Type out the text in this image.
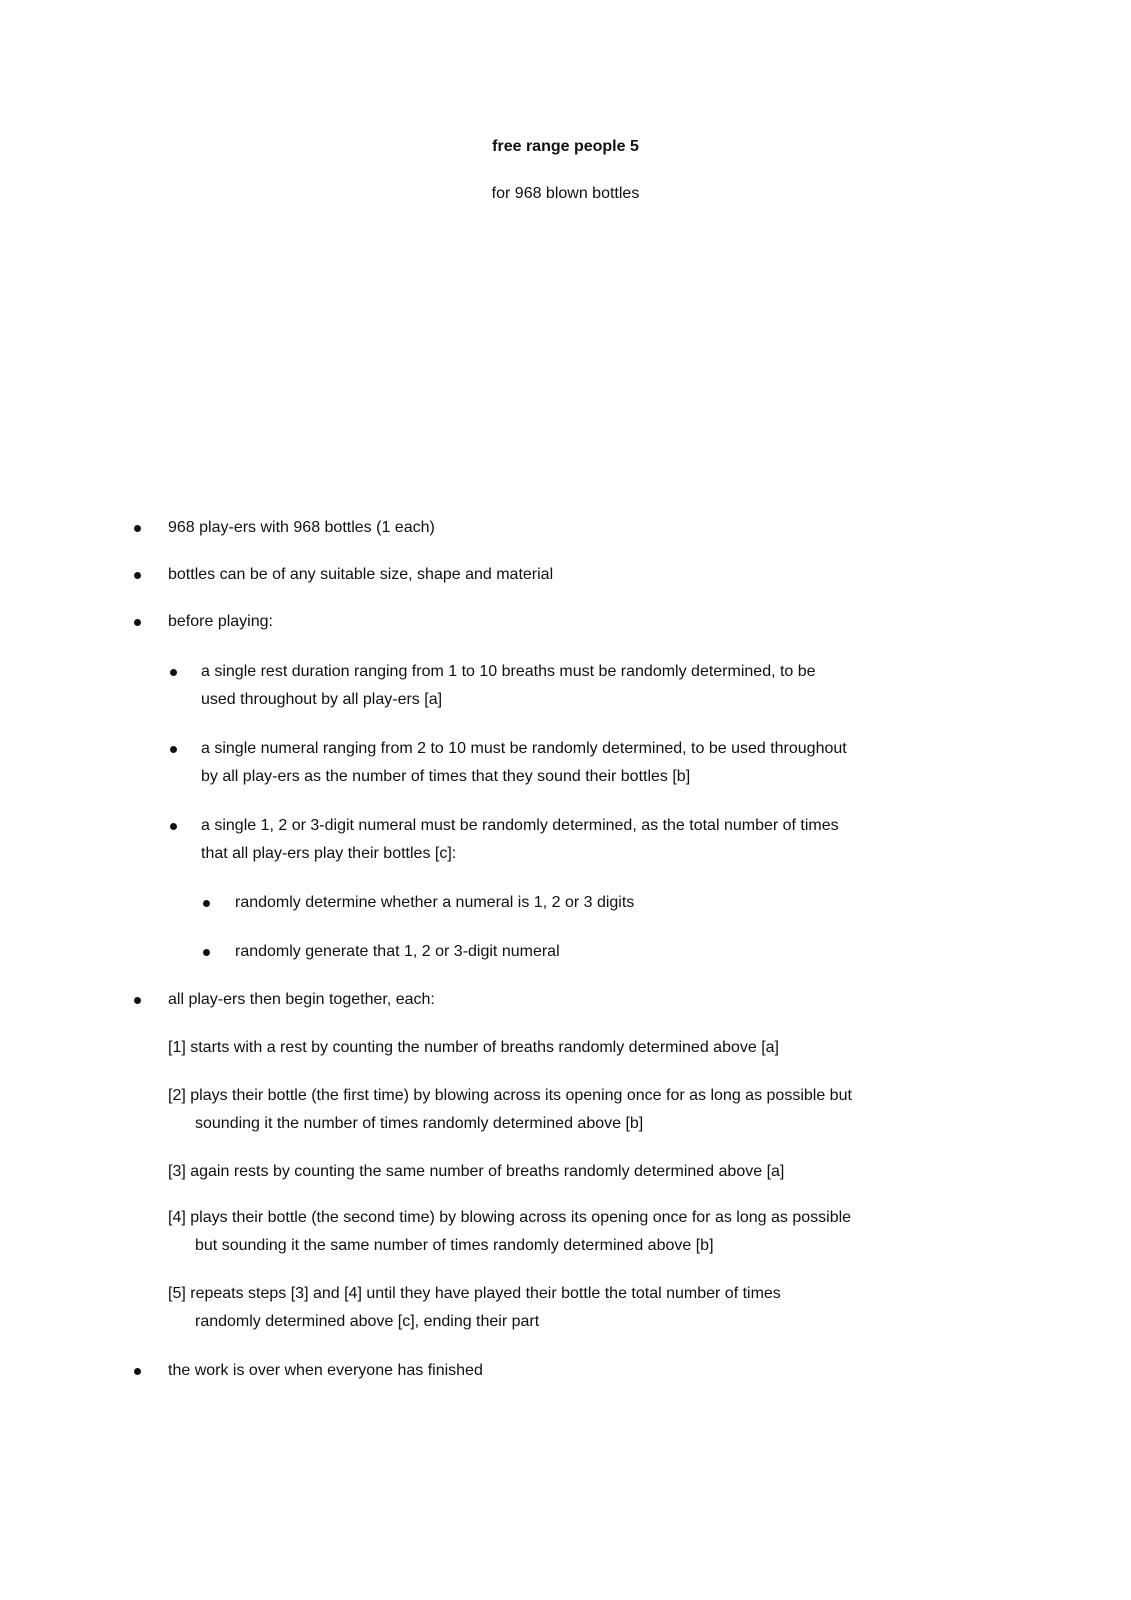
free range people 5
for 968 blown bottles
968 play-ers with 968 bottles (1 each)
bottles can be of any suitable size, shape and material
before playing:
a single rest duration ranging from 1 to 10 breaths must be randomly determined, to be
used throughout by all play-ers [a]
a single numeral ranging from 2 to 10 must be randomly determined, to be used throughout
by all play-ers as the number of times that they sound their bottles [b]
a single 1, 2 or 3-digit numeral must be randomly determined, as the total number of times
that all play-ers play their bottles [c]:
randomly determine whether a numeral is 1, 2 or 3 digits
randomly generate that 1, 2 or 3-digit numeral
all play-ers then begin together, each:
[1] starts with a rest by counting the number of breaths randomly determined above [a]
[2] plays their bottle (the first time) by blowing across its opening once for as long as possible but
sounding it the number of times randomly determined above [b]
[3] again rests by counting the same number of breaths randomly determined above [a]
[4] plays their bottle (the second time) by blowing across its opening once for as long as possible
but sounding it the same number of times randomly determined above [b]
[5] repeats steps [3] and [4] until they have played their bottle the total number of times
randomly determined above [c], ending their part
the work is over when everyone has finished
